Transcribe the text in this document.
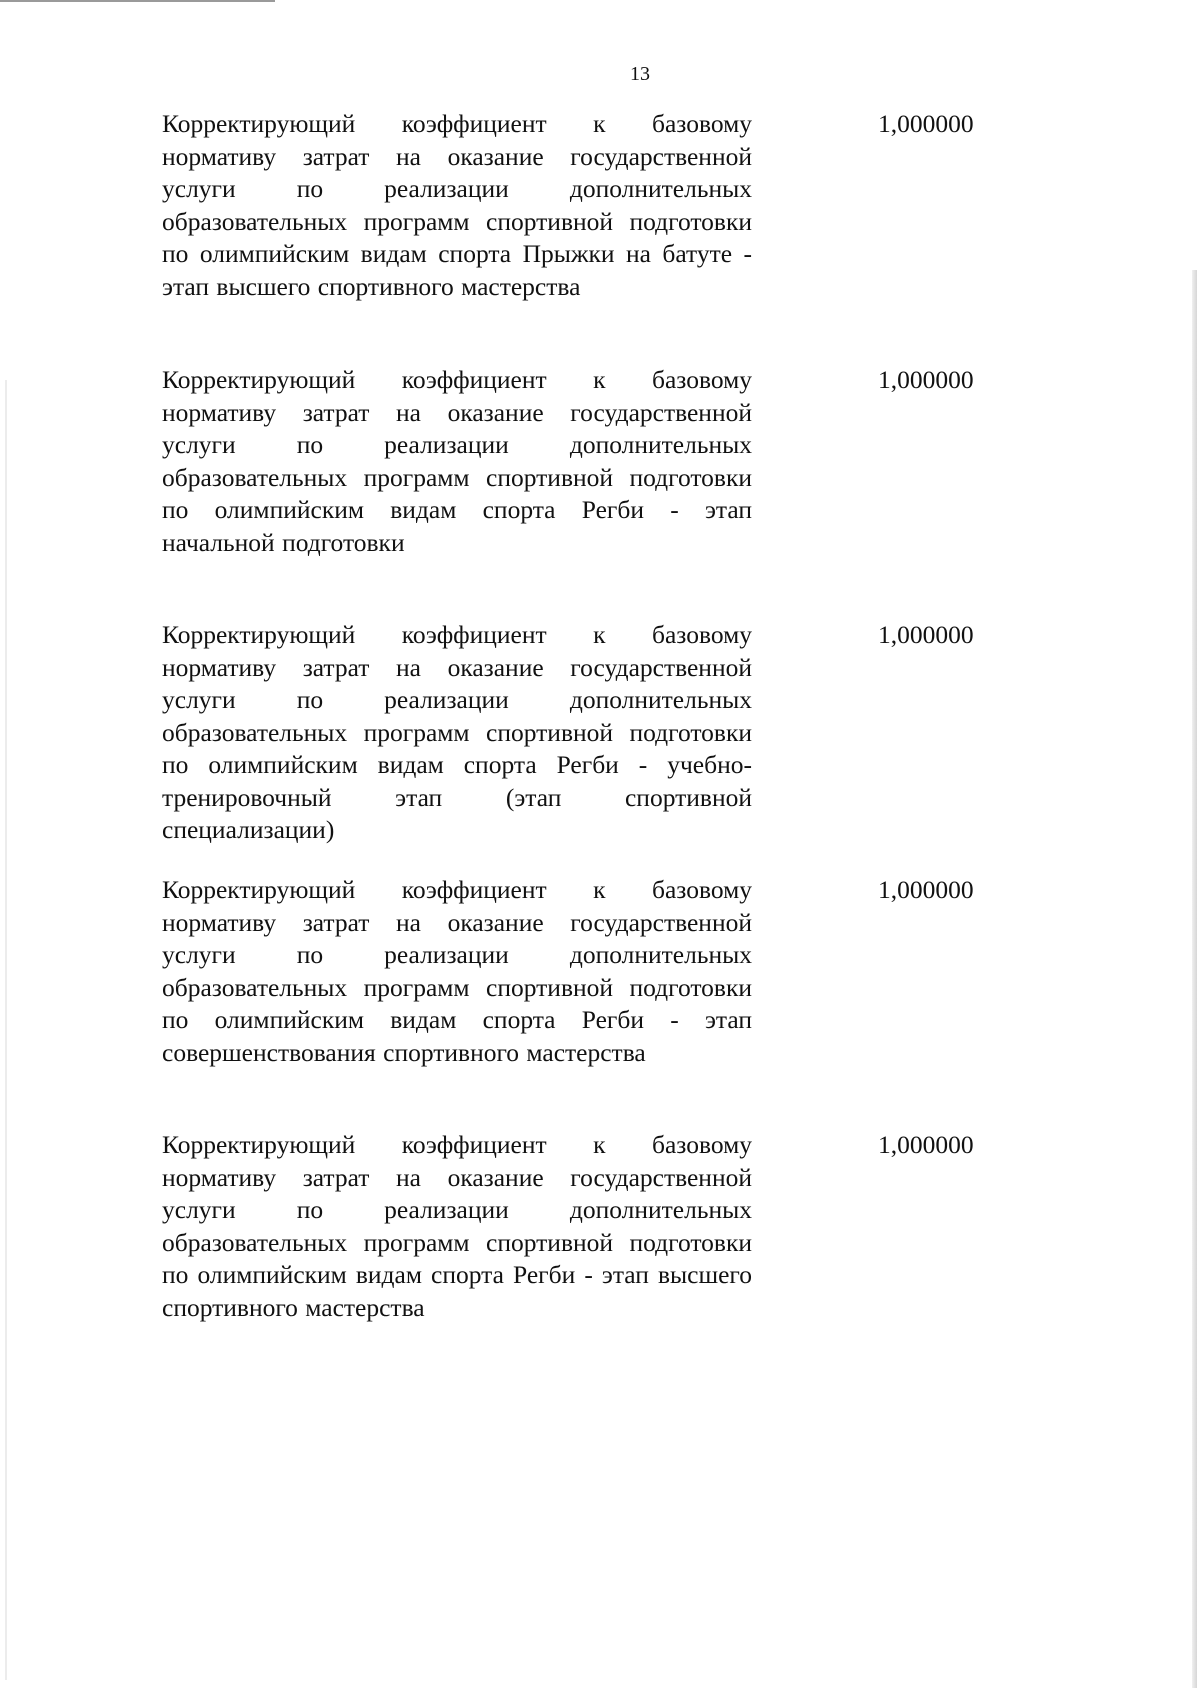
13

Корректирующий коэффициент к базовому нормативу затрат на оказание государственной услуги по реализации дополнительных образовательных программ спортивной подготовки по олимпийским видам спорта Прыжки на батуте - этап высшего спортивного мастерства

1,000000

Корректирующий коэффициент к базовому нормативу затрат на оказание государственной услуги по реализации дополнительных образовательных программ спортивной подготовки по олимпийским видам спорта Регби - этап начальной подготовки

1,000000

Корректирующий коэффициент к базовому нормативу затрат на оказание государственной услуги по реализации дополнительных образовательных программ спортивной подготовки по олимпийским видам спорта Регби - учебно-тренировочный этап (этап спортивной специализации)

1,000000

Корректирующий коэффициент к базовому нормативу затрат на оказание государственной услуги по реализации дополнительных образовательных программ спортивной подготовки по олимпийским видам спорта Регби - этап совершенствования спортивного мастерства

1,000000

Корректирующий коэффициент к базовому нормативу затрат на оказание государственной услуги по реализации дополнительных образовательных программ спортивной подготовки по олимпийским видам спорта Регби - этап высшего спортивного мастерства

1,000000
